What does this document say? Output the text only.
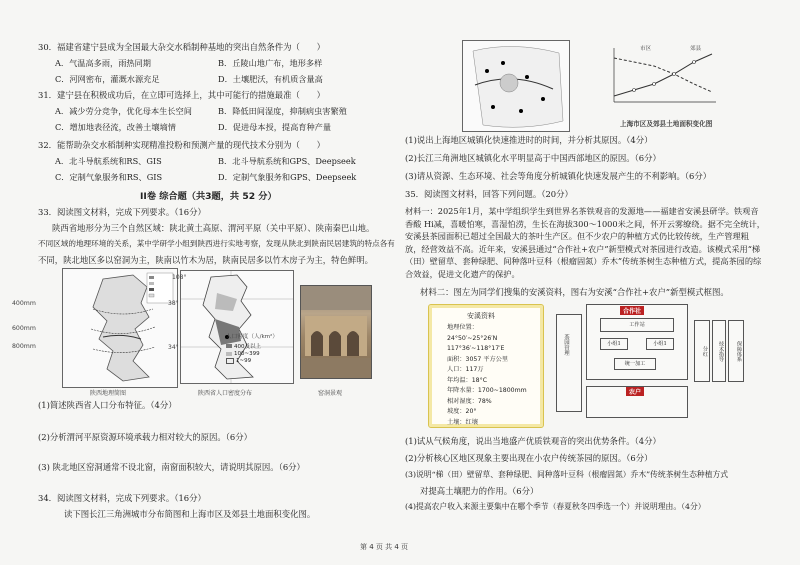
30．福建省建宁县成为全国最大杂交水稻制种基地的突出自然条件为（　　）
A．气温高多雨，雨热同期	B．丘陵山地广布，地形多样
C．河网密布，灌溉水源充足	D．土壤肥沃，有机质含量高
31．建宁县在积极成功后，在立即可选择上，其中可能行的措施最准（　　）
A．减少劳分竞争，优化母本生长空间	B．降低田间湿度，抑制病虫害繁殖
C．增加地表径流，改善土壤墒情	D．促进母本授，提高育种产量
32．能帮助杂交水稻制种实现精准投粉和预测产量的现代技术分别为（　　）
A．北斗导航系统和RS、GIS	B．北斗导航系统和GPS、Deepseek
C．定制气象服务和RS、GIS	D．定制气象服务和GPS、Deepseek
II卷 综合题（共3题，共 52 分）
33．阅读图文材料，完成下列要求。（16分）
陕西省地形分为三个自然区域：陕北黄土高原、渭河平原（关中平原）、陕南秦巴山地。
不同区域的地理环境的关系，某中学研学小组到陕西进行实地考察，发现从陕北到陕南民居建筑的特点各有
不同，陕北地区多以窑洞为主，陕南以竹木为居，陕南民居多以竹木房子为主，特色鲜明。
400mm
600mm
800mm
陕西地理简图
108°
38°
34°
人口密度（人/km²）
400及以上
100~399
1~99
陕西省人口密度分布	窑洞景观
(1)简述陕西省人口分布特征。（4分）
(2)分析渭河平原资源环境承载力相对较大的原因。（6分）
(3) 陕北地区窑洞通常不设北窗，南窗面积较大，请说明其原因。（6分）
34．阅读图文材料，完成下列要求。（16分）
读下图长江三角洲城市分布简图和上海市区及郊县土地面积变化图。
市区	郊县
上海市区及郊县土地面积变化图
(1)说出上海地区城镇化快速推进时的时间，并分析其原因。（4分）
(2)长江三角洲地区城镇化水平明显高于中国西部地区的原因。（6分）
(3)请从资源、生态环境、社会等角度分析城镇化快速发展产生的不利影响。（6分）
35．阅读图文材料，回答下列问题。（20分）
材料一：2025年1月，某中学组织学生到世界名茶铁观音的发源地——福建省安溪县研学。铁观音香酸 Hi减，喜暖怕寒，喜湿怕涝，生长在海拔300～1000米之间，怀开云雾缭绕。据不完全统计，安溪县茶园面积已超过全国最大的茶叶生产区。但不少农户的种植方式仍比较传统，生产管理粗放，经营效益不高。近年来，安溪县通过“合作社+农户”新型模式对茶园进行改造。该模式采用“梯（田）壁留草、套种绿肥、间种落叶豆科（根瘤固氮）乔木”传统茶树生态种植方式，提高茶园的综合效益，促进文化遗产的保护。
材料二：图左为同学们搜集的安溪资料，图右为安溪“合作社+农户”新型模式框图。
安溪资料
地理位置：
24°50′~25°26′N
117°36′~118°17′E
面积：3057 平方公里
人口：117万
年均温：18°C
年降水量：1700~1800mm
相对湿度：78%
坡度：20°
土壤：红壤
合作社
工作站
小组1	小组1
统一加工
农户
分红	技术指导	保障体系
茶园管理
(1)试从气候角度，说出当地盛产优质铁观音的突出优势条件。（4分）
(2)分析核心区地区现象主要出现在小农户传统茶园的原因。（6分）
(3)说明“梯（田）壁留草、套种绿肥、间种落叶豆科（根瘤固氮）乔木”传统茶树生态种植方式
对提高土壤肥力的作用。（6分）
(4)提高农户收入来源主要集中在哪个季节（春夏秋冬四季选一个）并说明理由。（4分）
第 4 页 共 4 页
